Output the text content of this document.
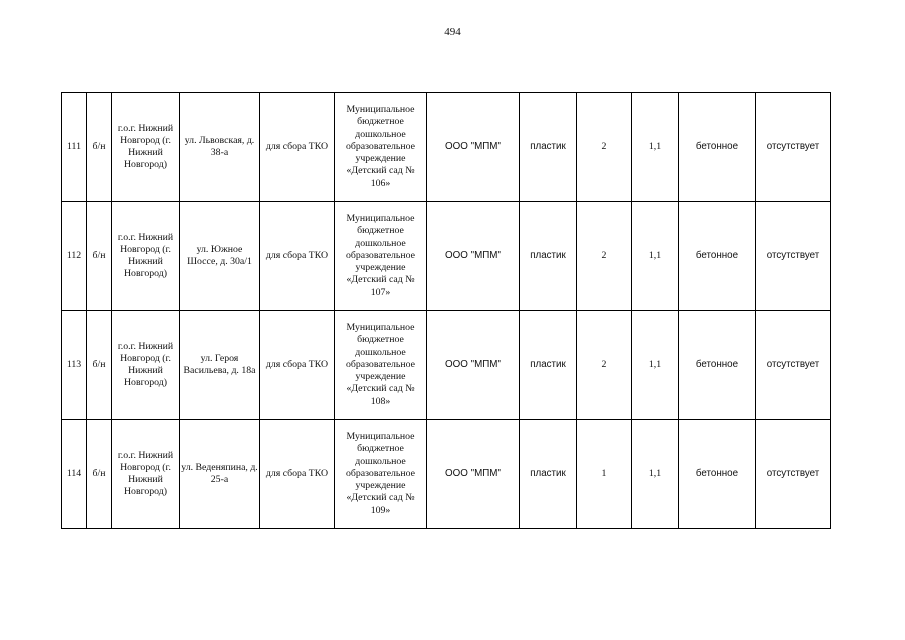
494
111	б/н	г.о.г. Нижний Новгород (г. Нижний Новгород)	ул. Львовская, д. 38-а	для сбора ТКО	Муниципальное бюджетное дошкольное образовательное учреждение «Детский сад № 106»	ООО "МПМ"	пластик	2	1,1	бетонное	отсутствует
112	б/н	г.о.г. Нижний Новгород (г. Нижний Новгород)	ул. Южное Шоссе, д. 30а/1	для сбора ТКО	Муниципальное бюджетное дошкольное образовательное учреждение «Детский сад № 107»	ООО "МПМ"	пластик	2	1,1	бетонное	отсутствует
113	б/н	г.о.г. Нижний Новгород (г. Нижний Новгород)	ул. Героя Васильева, д. 18а	для сбора ТКО	Муниципальное бюджетное дошкольное образовательное учреждение «Детский сад № 108»	ООО "МПМ"	пластик	2	1,1	бетонное	отсутствует
114	б/н	г.о.г. Нижний Новгород (г. Нижний Новгород)	ул. Веденяпина, д. 25-а	для сбора ТКО	Муниципальное бюджетное дошкольное образовательное учреждение «Детский сад № 109»	ООО "МПМ"	пластик	1	1,1	бетонное	отсутствует
